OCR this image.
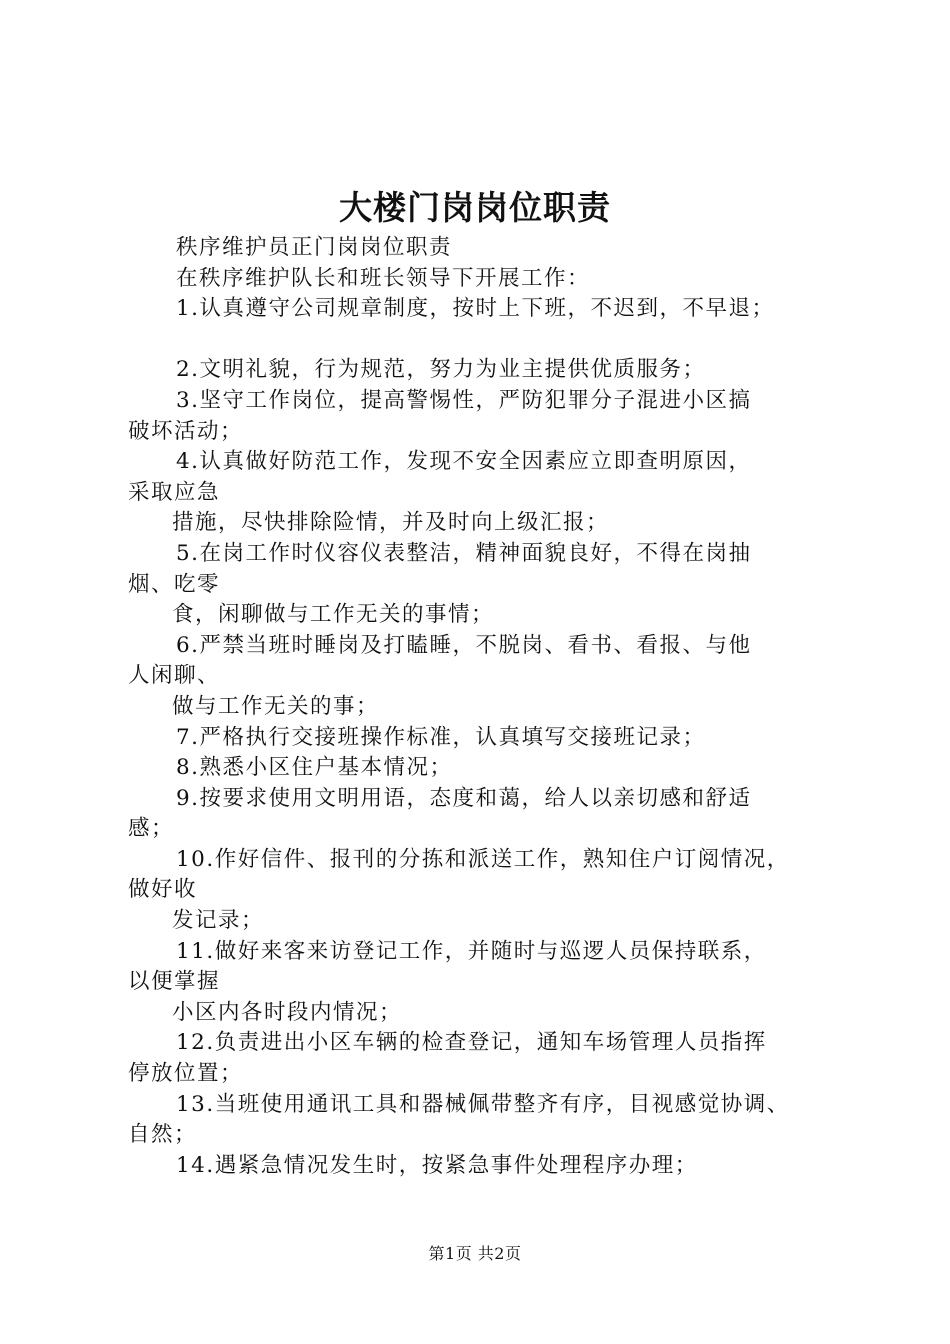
大楼门岗岗位职责
秩序维护员正门岗岗位职责
在秩序维护队长和班长领导下开展工作：
1.认真遵守公司规章制度，按时上下班，不迟到，不早退；
2.文明礼貌，行为规范，努力为业主提供优质服务；
3.坚守工作岗位，提高警惕性，严防犯罪分子混进小区搞
破坏活动；
4.认真做好防范工作，发现不安全因素应立即查明原因，
采取应急
措施，尽快排除险情，并及时向上级汇报；
5.在岗工作时仪容仪表整洁，精神面貌良好，不得在岗抽
烟、吃零
食，闲聊做与工作无关的事情；
6.严禁当班时睡岗及打瞌睡，不脱岗、看书、看报、与他
人闲聊、
做与工作无关的事；
7.严格执行交接班操作标准，认真填写交接班记录；
8.熟悉小区住户基本情况；
9.按要求使用文明用语，态度和蔼，给人以亲切感和舒适
感；
10.作好信件、报刊的分拣和派送工作，熟知住户订阅情况，
做好收
发记录；
11.做好来客来访登记工作，并随时与巡逻人员保持联系，
以便掌握
小区内各时段内情况；
12.负责进出小区车辆的检查登记，通知车场管理人员指挥
停放位置；
13.当班使用通讯工具和器械佩带整齐有序，目视感觉协调、
自然；
14.遇紧急情况发生时，按紧急事件处理程序办理；
第1页 共2页
